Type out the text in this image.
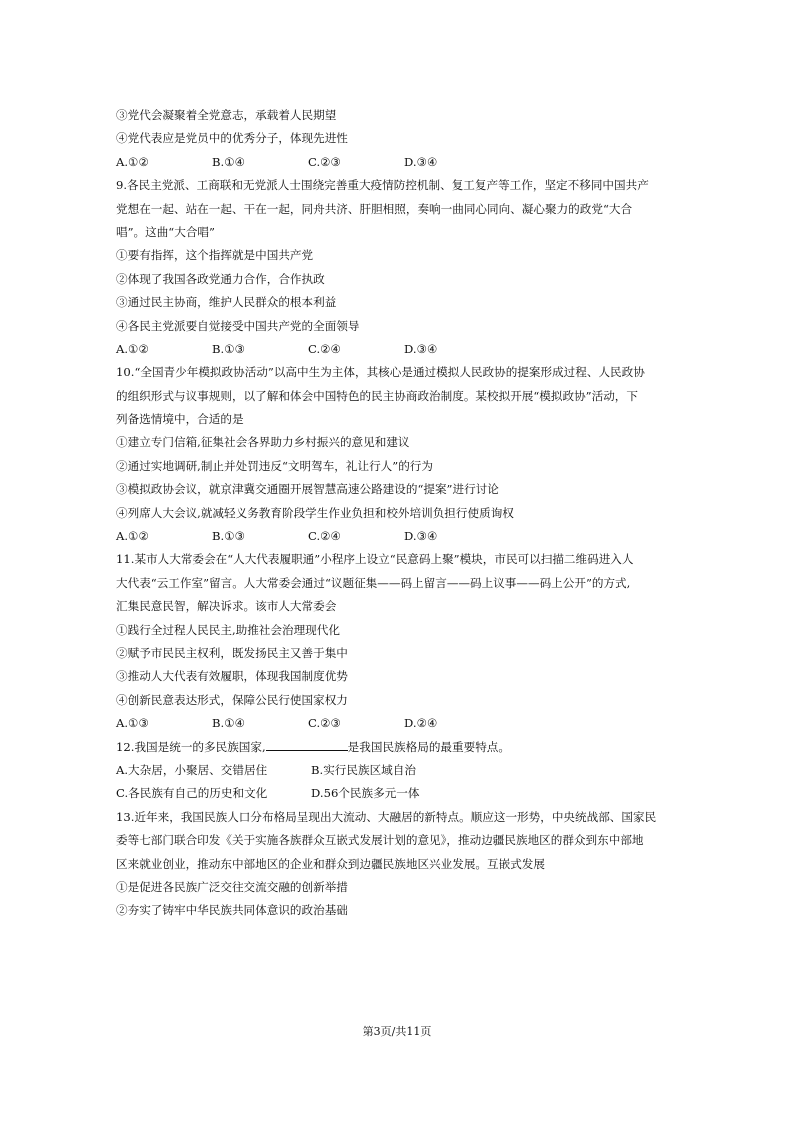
③党代会凝聚着全党意志，承载着人民期望
④党代表应是党员中的优秀分子，体现先进性
A.①②	B.①④	C.②③	D.③④
9.各民主党派、工商联和无党派人士围绕完善重大疫情防控机制、复工复产等工作，坚定不移同中国共产
党想在一起、站在一起、干在一起，同舟共济、肝胆相照，奏响一曲同心同向、凝心聚力的政党“大合
唱”。这曲“大合唱”
①要有指挥，这个指挥就是中国共产党
②体现了我国各政党通力合作，合作执政
③通过民主协商，维护人民群众的根本利益
④各民主党派要自觉接受中国共产党的全面领导
A.①②	B.①③	C.②④	D.③④
10.“全国青少年模拟政协活动”以高中生为主体，其核心是通过模拟人民政协的提案形成过程、人民政协
的组织形式与议事规则，以了解和体会中国特色的民主协商政治制度。某校拟开展“模拟政协”活动，下
列备选情境中，合适的是
①建立专门信箱,征集社会各界助力乡村振兴的意见和建议
②通过实地调研,制止并处罚违反“文明驾车，礼让行人”的行为
③模拟政协会议，就京津冀交通圈开展智慧高速公路建设的“提案”进行讨论
④列席人大会议,就减轻义务教育阶段学生作业负担和校外培训负担行使质询权
A.①②	B.①③	C.②④	D.③④
11.某市人大常委会在“人大代表履职通”小程序上设立“民意码上聚”模块，市民可以扫描二维码进入人
大代表“云工作室”留言。人大常委会通过“议题征集——码上留言——码上议事——码上公开”的方式,
汇集民意民智，解决诉求。该市人大常委会
①践行全过程人民民主,助推社会治理现代化
②赋予市民民主权利，既发扬民主又善于集中
③推动人大代表有效履职，体现我国制度优势
④创新民意表达形式，保障公民行使国家权力
A.①③	B.①④	C.②③	D.②④
12.我国是统一的多民族国家,	是我国民族格局的最重要特点。
A.大杂居，小聚居、交错居住	B.实行民族区域自治
C.各民族有自己的历史和文化	D.56个民族多元一体
13.近年来，我国民族人口分布格局呈现出大流动、大融居的新特点。顺应这一形势，中央统战部、国家民
委等七部门联合印发《关于实施各族群众互嵌式发展计划的意见》，推动边疆民族地区的群众到东中部地
区来就业创业，推动东中部地区的企业和群众到边疆民族地区兴业发展。互嵌式发展
①是促进各民族广泛交往交流交融的创新举措
②夯实了铸牢中华民族共同体意识的政治基础
第3页/共11页
